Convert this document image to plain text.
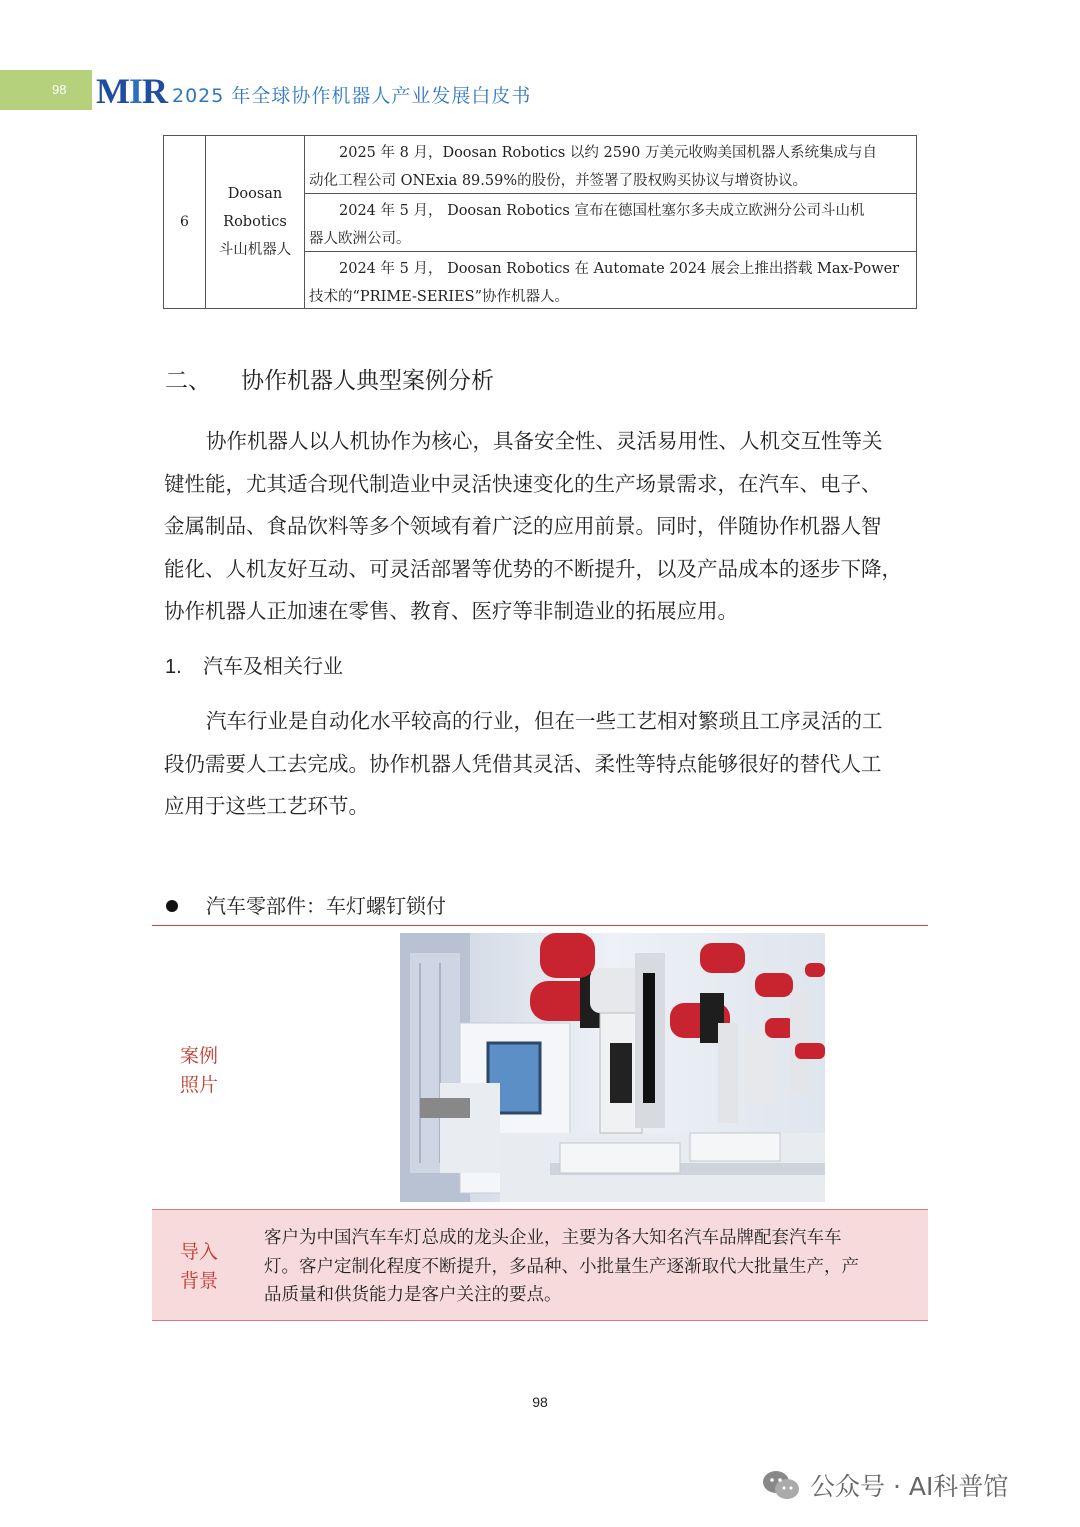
98 MIR 2025 年全球协作机器人产业发展白皮书
6
Doosan
Robotics
斗山机器人

2025 年 8 月，Doosan Robotics 以约 2590 万美元收购美国机器人系统集成与自

动化工程公司 ONExia 89.59%的股份，并签署了股权购买协议与增资协议。

2024 年 5 月， Doosan Robotics 宣布在德国杜塞尔多夫成立欧洲分公司斗山机

器人欧洲公司。

2024 年 5 月， Doosan Robotics 在 Automate 2024 展会上推出搭载 Max-Power

技术的“PRIME-SERIES”协作机器人。

二、 协作机器人典型案例分析
协作机器人以人机协作为核心，具备安全性、灵活易用性、人机交互性等关
键性能，尤其适合现代制造业中灵活快速变化的生产场景需求，在汽车、电子、
金属制品、食品饮料等多个领域有着广泛的应用前景。同时，伴随协作机器人智
能化、人机友好互动、可灵活部署等优势的不断提升，以及产品成本的逐步下降，
协作机器人正加速在零售、教育、医疗等非制造业的拓展应用。
1. 汽车及相关行业
汽车行业是自动化水平较高的行业，但在一些工艺相对繁琐且工序灵活的工
段仍需要人工去完成。协作机器人凭借其灵活、柔性等特点能够很好的替代人工
应用于这些工艺环节。
汽车零部件：车灯螺钉锁付
案例
照片
导入
背景
客户为中国汽车车灯总成的龙头企业，主要为各大知名汽车品牌配套汽车车
灯。客户定制化程度不断提升，多品种、小批量生产逐渐取代大批量生产，产
品质量和供货能力是客户关注的要点。
98
公众号 · AI科普馆
